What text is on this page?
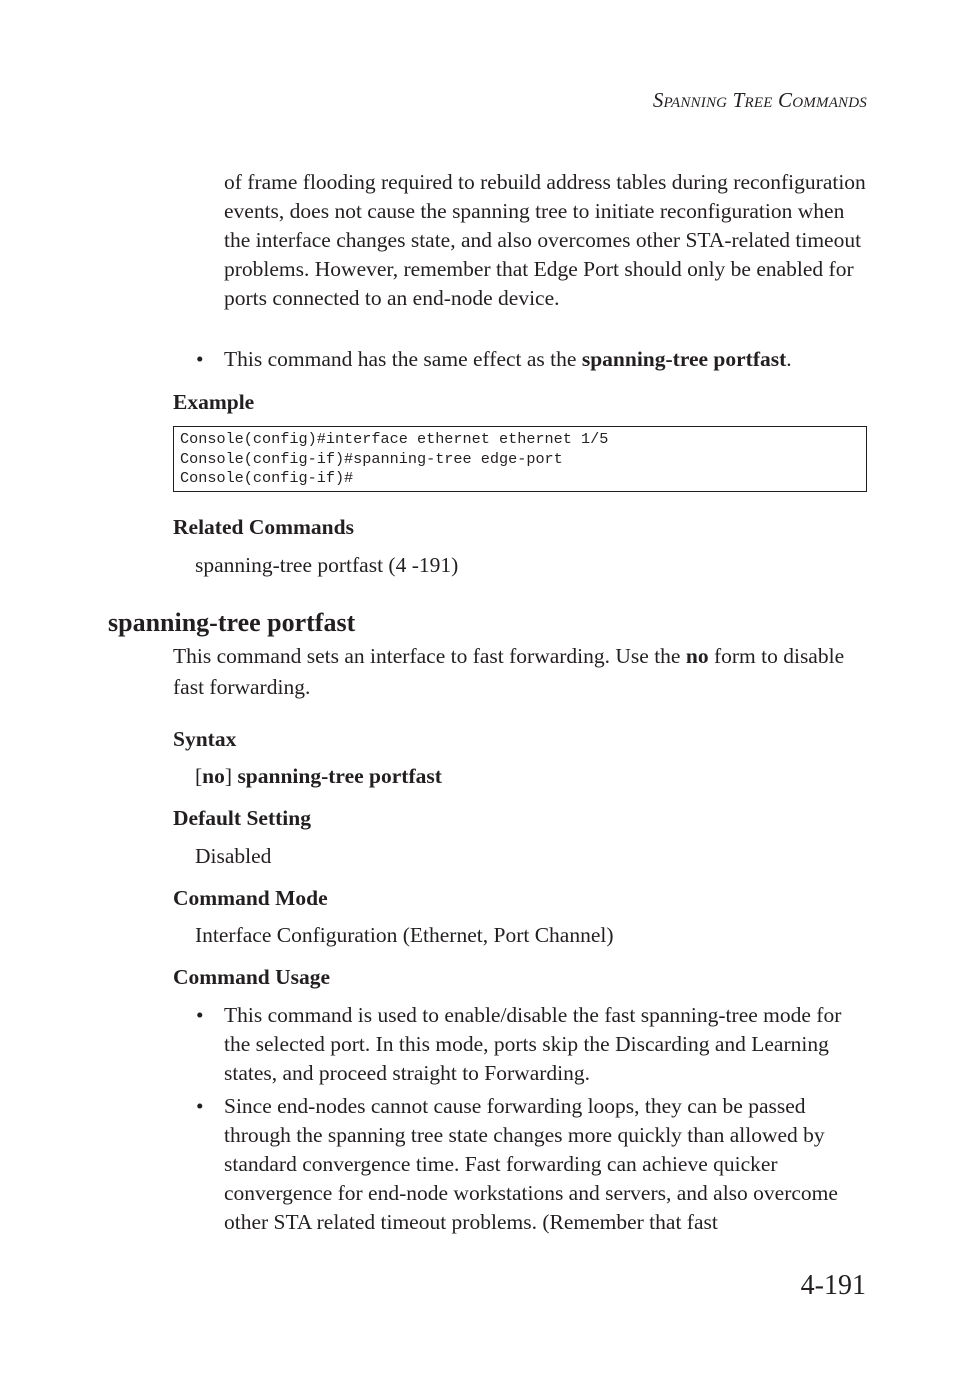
Spanning Tree Commands
of frame flooding required to rebuild address tables during reconfiguration events, does not cause the spanning tree to initiate reconfiguration when the interface changes state, and also overcomes other STA-related timeout problems. However, remember that Edge Port should only be enabled for ports connected to an end-node device.
• This command has the same effect as the spanning-tree portfast.
Example
Console(config)#interface ethernet ethernet 1/5
Console(config-if)#spanning-tree edge-port
Console(config-if)#
Related Commands
spanning-tree portfast (4 -191)
spanning-tree portfast
This command sets an interface to fast forwarding. Use the no form to disable fast forwarding.
Syntax
[no] spanning-tree portfast
Default Setting
Disabled
Command Mode
Interface Configuration (Ethernet, Port Channel)
Command Usage
• This command is used to enable/disable the fast spanning-tree mode for the selected port. In this mode, ports skip the Discarding and Learning states, and proceed straight to Forwarding.
• Since end-nodes cannot cause forwarding loops, they can be passed through the spanning tree state changes more quickly than allowed by standard convergence time. Fast forwarding can achieve quicker convergence for end-node workstations and servers, and also overcome other STA related timeout problems. (Remember that fast
4-191
